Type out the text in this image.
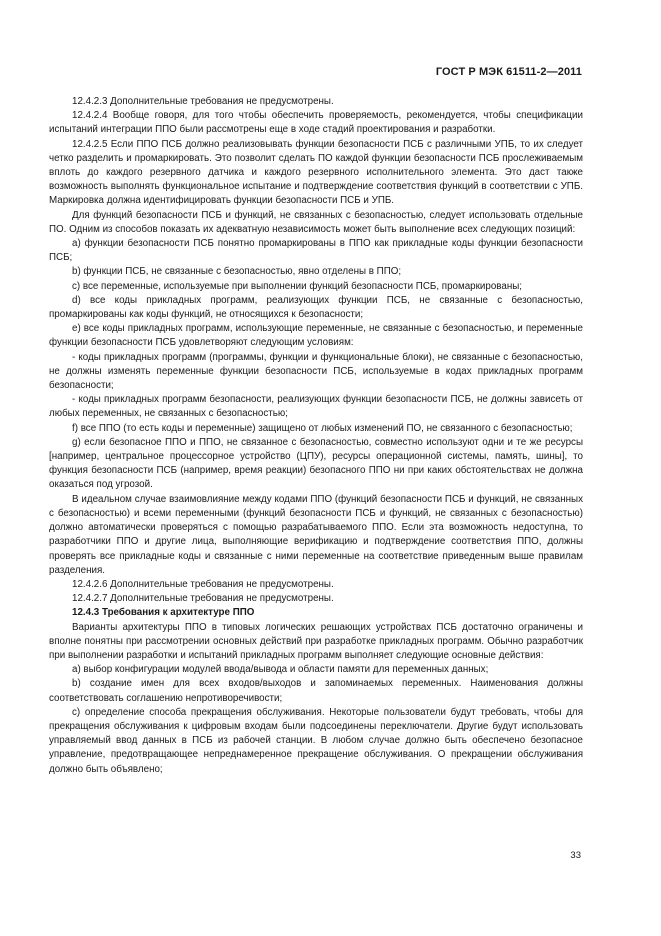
ГОСТ Р МЭК 61511-2—2011

12.4.2.3 Дополнительные требования не предусмотрены.

12.4.2.4 Вообще говоря, для того чтобы обеспечить проверяемость, рекомендуется, чтобы спецификации испытаний интеграции ППО были рассмотрены еще в ходе стадий проектирования и разработки.

12.4.2.5 Если ППО ПСБ должно реализовывать функции безопасности ПСБ с различными УПБ, то их следует четко разделить и промаркировать. Это позволит сделать ПО каждой функции безопасности ПСБ прослеживаемым вплоть до каждого резервного датчика и каждого резервного исполнительного элемента. Это даст также возможность выполнять функциональное испытание и подтверждение соответствия функций в соответствии с УПБ. Маркировка должна идентифицировать функции безопасности ПСБ и УПБ.

Для функций безопасности ПСБ и функций, не связанных с безопасностью, следует использовать отдельные ПО. Одним из способов показать их адекватную независимость может быть выполнение всех следующих позиций:

a) функции безопасности ПСБ понятно промаркированы в ППО как прикладные коды функции безопасности ПСБ;

b) функции ПСБ, не связанные с безопасностью, явно отделены в ППО;

c) все переменные, используемые при выполнении функций безопасности ПСБ, промаркированы;

d) все коды прикладных программ, реализующих функции ПСБ, не связанные с безопасностью, промаркированы как коды функций, не относящихся к безопасности;

e) все коды прикладных программ, использующие переменные, не связанные с безопасностью, и переменные функции безопасности ПСБ удовлетворяют следующим условиям:

- коды прикладных программ (программы, функции и функциональные блоки), не связанные с безопасностью, не должны изменять переменные функции безопасности ПСБ, используемые в кодах прикладных программ безопасности;

- коды прикладных программ безопасности, реализующих функции безопасности ПСБ, не должны зависеть от любых переменных, не связанных с безопасностью;

f) все ППО (то есть коды и переменные) защищено от любых изменений ПО, не связанного с безопасностью;

g) если безопасное ППО и ППО, не связанное с безопасностью, совместно используют одни и те же ресурсы [например, центральное процессорное устройство (ЦПУ), ресурсы операционной системы, память, шины], то функция безопасности ПСБ (например, время реакции) безопасного ППО ни при каких обстоятельствах не должна оказаться под угрозой.

В идеальном случае взаимовлияние между кодами ППО (функций безопасности ПСБ и функций, не связанных с безопасностью) и всеми переменными (функций безопасности ПСБ и функций, не связанных с безопасностью) должно автоматически проверяться с помощью разрабатываемого ППО. Если эта возможность недоступна, то разработчики ППО и другие лица, выполняющие верификацию и подтверждение соответствия ППО, должны проверять все прикладные коды и связанные с ними переменные на соответствие приведенным выше правилам разделения.

12.4.2.6 Дополнительные требования не предусмотрены.

12.4.2.7 Дополнительные требования не предусмотрены.

12.4.3 Требования к архитектуре ППО

Варианты архитектуры ППО в типовых логических решающих устройствах ПСБ достаточно ограничены и вполне понятны при рассмотрении основных действий при разработке прикладных программ. Обычно разработчик при выполнении разработки и испытаний прикладных программ выполняет следующие основные действия:

a) выбор конфигурации модулей ввода/вывода и области памяти для переменных данных;

b) создание имен для всех входов/выходов и запоминаемых переменных. Наименования должны соответствовать соглашению непротиворечивости;

c) определение способа прекращения обслуживания. Некоторые пользователи будут требовать, чтобы для прекращения обслуживания к цифровым входам были подсоединены переключатели. Другие будут использовать управляемый ввод данных в ПСБ из рабочей станции. В любом случае должно быть обеспечено безопасное управление, предотвращающее непреднамеренное прекращение обслуживания. О прекращении обслуживания должно быть объявлено;

33
